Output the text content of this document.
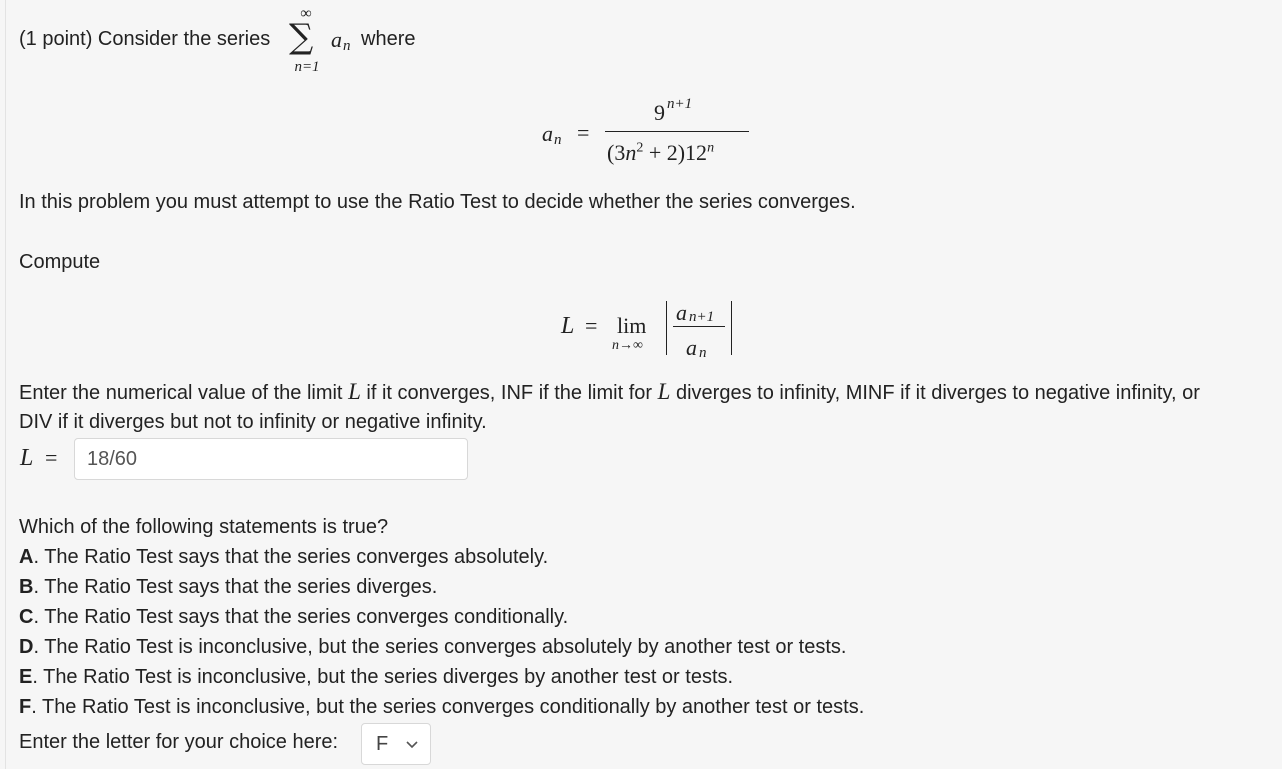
(1 point) Consider the series
∞
∑
n=1
a n where
a n =
9 n+1
$(3n^2 + 2)12^n$
In this problem you must attempt to use the Ratio Test to decide whether the series converges.
Compute
L = lim
n→∞
a n+1
a n
Enter the numerical value of the limit L if it converges, INF if the limit for L diverges to infinity, MINF if it diverges to negative infinity, or
DIV if it diverges but not to infinity or negative infinity.
L =
18/60
Which of the following statements is true?
A. The Ratio Test says that the series converges absolutely.
B. The Ratio Test says that the series diverges.
C. The Ratio Test says that the series converges conditionally.
D. The Ratio Test is inconclusive, but the series converges absolutely by another test or tests.
E. The Ratio Test is inconclusive, but the series diverges by another test or tests.
F. The Ratio Test is inconclusive, but the series converges conditionally by another test or tests.
Enter the letter for your choice here: F
